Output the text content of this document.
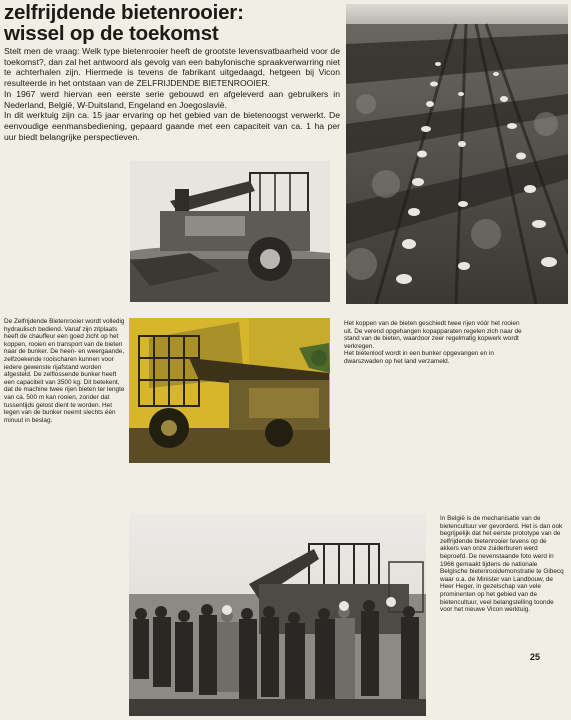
zelfrijdende bietenrooier:
wissel op de toekomst

Stelt men de vraag: Welk type bietenrooier heeft de grootste levensvatbaarheid voor de toekomst?, dan zal het antwoord als gevolg van een babylonische spraakverwarring niet te achterhalen zijn. Hiermede is tevens de fabrikant uitgedaagd, hetgeen bij Vicon resulteerde in het ontstaan van de ZELFRIJDENDE BIETENROOIER.

In 1967 werd hiervan een eerste serie gebouwd en afgeleverd aan gebruikers in Nederland, België, W-Duitsland, Engeland en Joegoslavië.

In dit werktuig zijn ca. 15 jaar ervaring op het gebied van de bietenoogst verwerkt. De eenvoudige eenmansbediening, gepaard gaande met een capaciteit van ca. 1 ha per uur biedt belangrijke perspectieven.

De Zelfrijdende Bietenrooier wordt volledig hydraulisch bediend. Vanaf zijn zitplaats heeft de chauffeur een goed zicht op het koppen, rooien en transport van de bieten naar de bunker. De heen- en weergaande, zelfzoekende rooischaren kunnen voor iedere gewenste rijafstand worden afgesteld. De zelflossende bunker heeft een capaciteit van 3500 kg. Dit betekent, dat de machine twee rijen bieten ter lengte van ca. 500 m kan rooien, zonder dat tussentijds gelost dient te worden. Het legen van de bunker neemt slechts één minuut in beslag.

Het koppen van de bieten geschiedt twee rijen vóór het rooien uit. De verend opgehangen kopapparaten regelen zich naar de stand van de bieten, waardoor zeer regelmatig kopwerk wordt verkregen.

Het bietenloof wordt in een bunker opgevangen en in dwarszwaden op het land verzameld.

In België is de mechanisatie van de bietencultuur ver gevorderd. Het is dan ook begrijpelijk dat het eerste prototype van de zelfrijdende bietenrooier tevens op de akkers van onze zuiderburen werd beproefd. De nevenstaande foto werd in 1966 gemaakt tijdens de nationale Belgische bietenrooidemonstratie te Gibecq waar o.a. de Minister van Landbouw, de Heer Heger, in gezelschap van vele prominenten op het gebied van de bietencultuur, veel belangstelling toonde voor het nieuwe Vicon werktuig.

25
